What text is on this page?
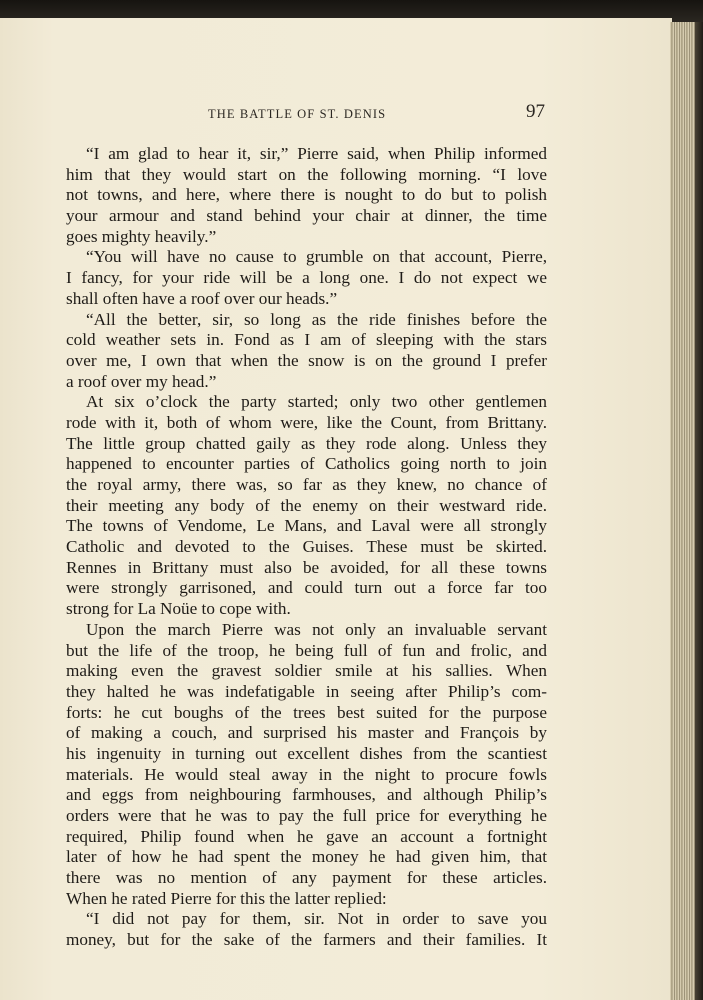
THE BATTLE OF ST. DENIS	97
“I am glad to hear it, sir,” Pierre said, when Philip informed
him that they would start on the following morning. “I love
not towns, and here, where there is nought to do but to polish
your armour and stand behind your chair at dinner, the time
goes mighty heavily.”
“You will have no cause to grumble on that account, Pierre,
I fancy, for your ride will be a long one. I do not expect we
shall often have a roof over our heads.”
“All the better, sir, so long as the ride finishes before the
cold weather sets in. Fond as I am of sleeping with the stars
over me, I own that when the snow is on the ground I prefer
a roof over my head.”
At six o’clock the party started; only two other gentlemen
rode with it, both of whom were, like the Count, from Brittany.
The little group chatted gaily as they rode along. Unless they
happened to encounter parties of Catholics going north to join
the royal army, there was, so far as they knew, no chance of
their meeting any body of the enemy on their westward ride.
The towns of Vendome, Le Mans, and Laval were all strongly
Catholic and devoted to the Guises. These must be skirted.
Rennes in Brittany must also be avoided, for all these towns
were strongly garrisoned, and could turn out a force far too
strong for La Noüe to cope with.
Upon the march Pierre was not only an invaluable servant
but the life of the troop, he being full of fun and frolic, and
making even the gravest soldier smile at his sallies. When
they halted he was indefatigable in seeing after Philip’s com-
forts: he cut boughs of the trees best suited for the purpose
of making a couch, and surprised his master and François by
his ingenuity in turning out excellent dishes from the scantiest
materials. He would steal away in the night to procure fowls
and eggs from neighbouring farmhouses, and although Philip’s
orders were that he was to pay the full price for everything he
required, Philip found when he gave an account a fortnight
later of how he had spent the money he had given him, that
there was no mention of any payment for these articles.
When he rated Pierre for this the latter replied:
“I did not pay for them, sir. Not in order to save you
money, but for the sake of the farmers and their families. It
